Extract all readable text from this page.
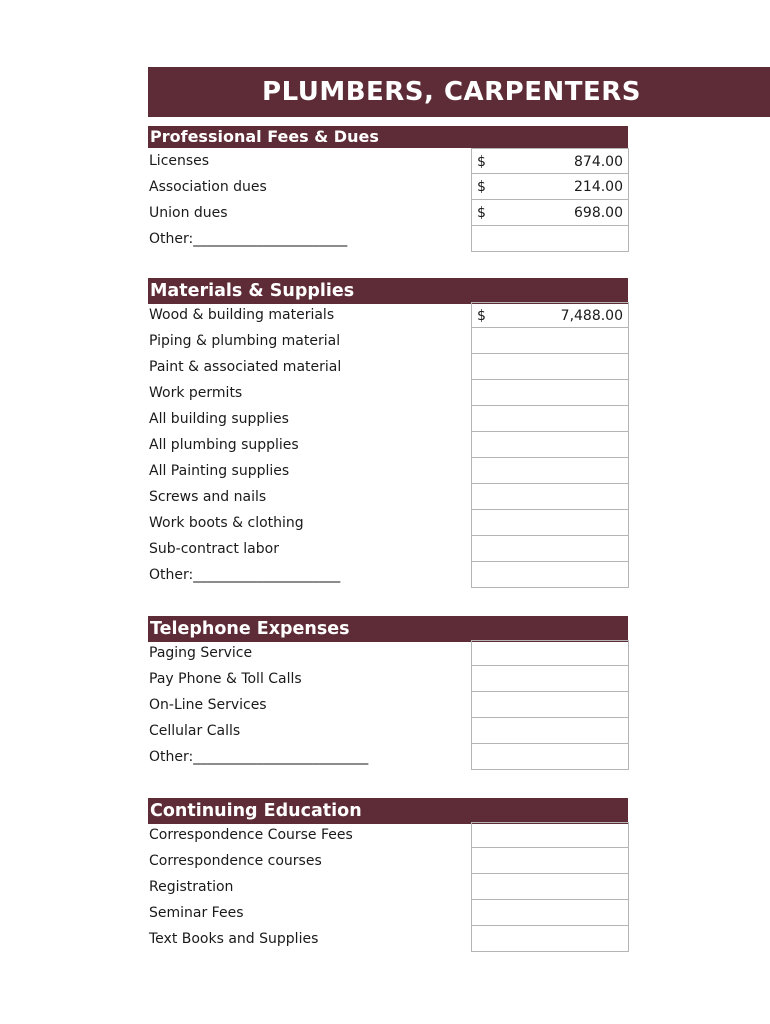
PLUMBERS, CARPENTERS
Professional Fees & Dues
Licenses	$	874.00
Association dues	$	214.00
Union dues	$	698.00
Other:______________________
Materials & Supplies
Wood & building materials	$	7,488.00
Piping & plumbing material
Paint & associated material
Work permits
All building supplies
All plumbing supplies
All Painting supplies
Screws and nails
Work boots & clothing
Sub-contract labor
Other:_____________________
Telephone Expenses
Paging Service
Pay Phone & Toll Calls
On-Line Services
Cellular Calls
Other:_________________________
Continuing Education
Correspondence Course Fees
Correspondence courses
Registration
Seminar Fees
Text Books and Supplies
